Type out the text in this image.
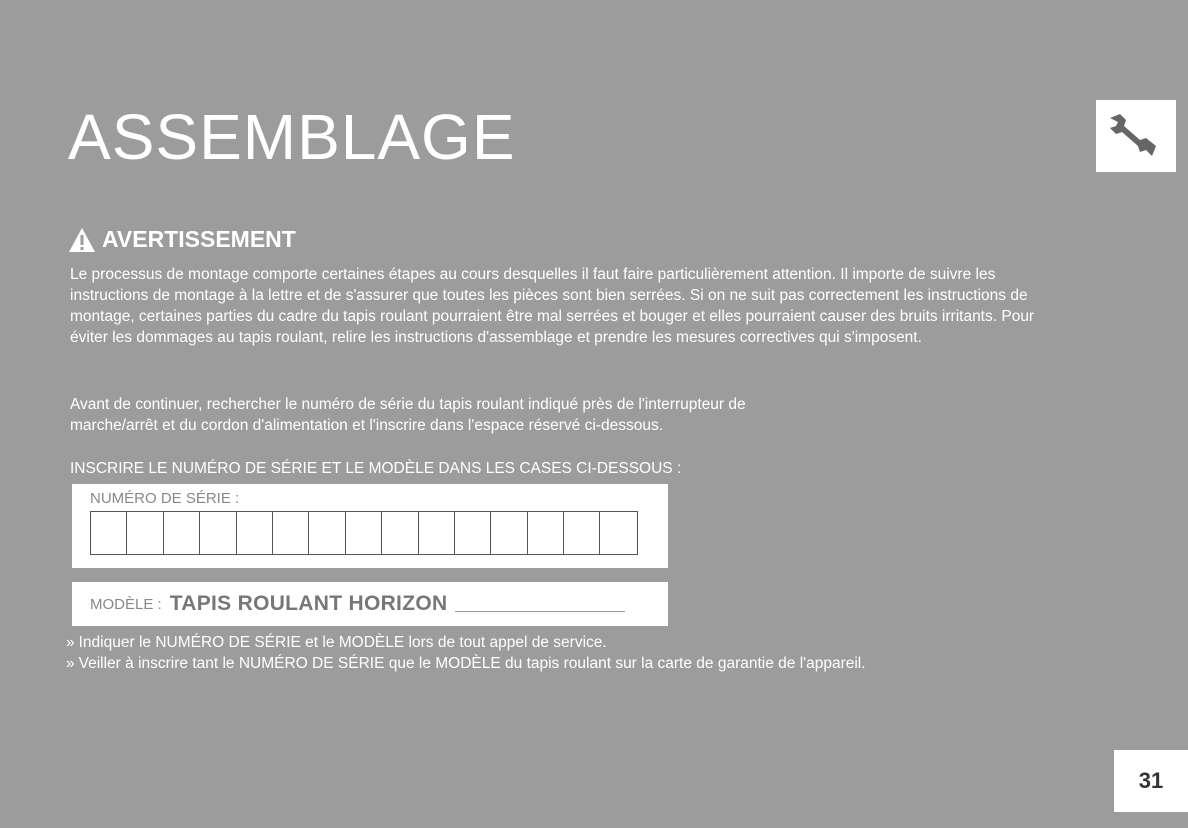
ASSEMBLAGE
AVERTISSEMENT

Le processus de montage comporte certaines étapes au cours desquelles il faut faire particulièrement attention. Il importe de suivre les instructions de montage à la lettre et de s'assurer que toutes les pièces sont bien serrées. Si on ne suit pas correctement les instructions de montage, certaines parties du cadre du tapis roulant pourraient être mal serrées et bouger et elles pourraient causer des bruits irritants. Pour éviter les dommages au tapis roulant, relire les instructions d'assemblage et prendre les mesures correctives qui s'imposent.

Avant de continuer, rechercher le numéro de série du tapis roulant indiqué près de l'interrupteur de marche/arrêt et du cordon d'alimentation et l'inscrire dans l'espace réservé ci-dessous.

INSCRIRE LE NUMÉRO DE SÉRIE ET LE MODÈLE DANS LES CASES CI-DESSOUS :
NUMÉRO DE SÉRIE :
MODÈLE : TAPIS ROULANT HORIZON
» Indiquer le NUMÉRO DE SÉRIE et le MODÈLE lors de tout appel de service.
» Veiller à inscrire tant le NUMÉRO DE SÉRIE que le MODÈLE du tapis roulant sur la carte de garantie de l'appareil.
31
